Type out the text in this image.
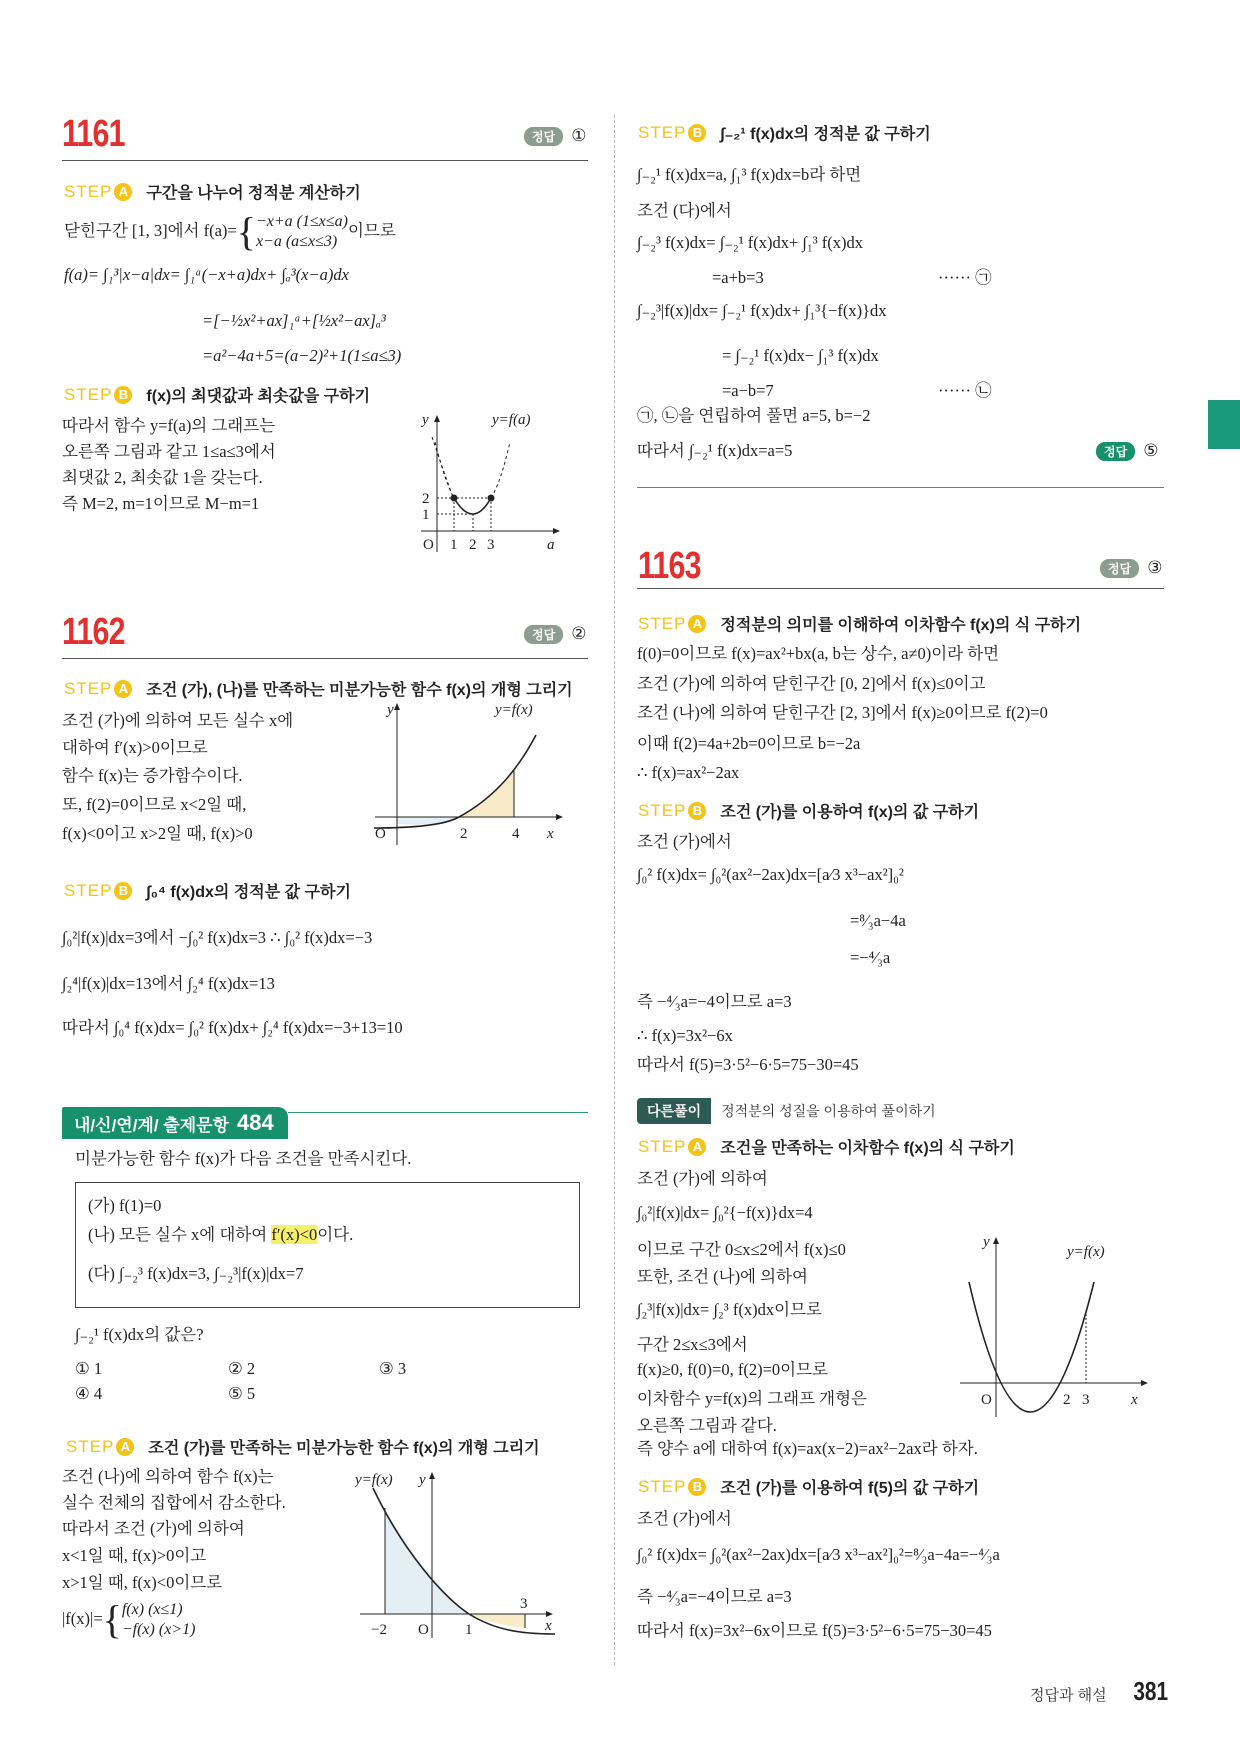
1161	정답 ①
STEP A 구간을 나누어 정적분 계산하기
닫힌구간 [1, 3]에서 f(a)= { −x+a (1≤x≤a)
x−a (a≤x≤3)
이므로
f(a)= ∫₁³|x−a|dx= ∫₁ᵃ(−x+a)dx+ ∫ₐ³(x−a)dx
=[−½x²+ax]₁ᵃ+[½x²−ax]ₐ³
=a²−4a+5=(a−2)²+1(1≤a≤3)
STEP B f(x)의 최댓값과 최솟값을 구하기
따라서 함수 y=f(a)의 그래프는
오른쪽 그림과 같고 1≤a≤3에서
최댓값 2, 최솟값 1을 갖는다.
즉 M=2, m=1이므로 M−m=1
y	y=f(a)
2
1
O 1 2 3	a
1162	정답 ②
STEP A 조건 (가), (나)를 만족하는 미분가능한 함수 f(x)의 개형 그리기
조건 (가)에 의하여 모든 실수 x에
대하여 f′(x)>0이므로
함수 f(x)는 증가함수이다.
또, f(2)=0이므로 x<2일 때,
f(x)<0이고 x>2일 때, f(x)>0
y	y=f(x)
O	2	4 x
STEP B ∫₀⁴ f(x)dx의 정적분 값 구하기
∫₀²|f(x)|dx=3에서 −∫₀² f(x)dx=3 ∴ ∫₀² f(x)dx=−3
∫₂⁴|f(x)|dx=13에서 ∫₂⁴ f(x)dx=13
따라서 ∫₀⁴ f(x)dx= ∫₀² f(x)dx+ ∫₂⁴ f(x)dx=−3+13=10
내/신/연/계/ 출제문항 484
미분가능한 함수 f(x)가 다음 조건을 만족시킨다.
(가) f(1)=0
(나) 모든 실수 x에 대하여 f′(x)<0이다.
(다) ∫₋₂³ f(x)dx=3, ∫₋₂³|f(x)|dx=7
∫₋₂¹ f(x)dx의 값은?
① 1	② 2	③ 3
④ 4	⑤ 5
STEP A 조건 (가)를 만족하는 미분가능한 함수 f(x)의 개형 그리기
조건 (나)에 의하여 함수 f(x)는
실수 전체의 집합에서 감소한다.
따라서 조건 (가)에 의하여
x<1일 때, f(x)>0이고
x>1일 때, f(x)<0이므로
|f(x)|= { f(x) (x≤1)
−f(x) (x>1)
y=f(x) y
3
−2 O 1	x
STEP B ∫₋₂¹ f(x)dx의 정적분 값 구하기
∫₋₂¹ f(x)dx=a, ∫₁³ f(x)dx=b라 하면
조건 (다)에서
∫₋₂³ f(x)dx= ∫₋₂¹ f(x)dx+ ∫₁³ f(x)dx
=a+b=3	······ ㉠
∫₋₂³|f(x)|dx= ∫₋₂¹ f(x)dx+ ∫₁³{−f(x)}dx
= ∫₋₂¹ f(x)dx− ∫₁³ f(x)dx
=a−b=7	······ ㉡
㉠, ㉡을 연립하여 풀면 a=5, b=−2
따라서 ∫₋₂¹ f(x)dx=a=5	정답 ⑤
1163	정답 ③
STEP A 정적분의 의미를 이해하여 이차함수 f(x)의 식 구하기
f(0)=0이므로 f(x)=ax²+bx(a, b는 상수, a≠0)이라 하면
조건 (가)에 의하여 닫힌구간 [0, 2]에서 f(x)≤0이고
조건 (나)에 의하여 닫힌구간 [2, 3]에서 f(x)≥0이므로 f(2)=0
이때 f(2)=4a+2b=0이므로 b=−2a
∴ f(x)=ax²−2ax
STEP B 조건 (가)를 이용하여 f(x)의 값 구하기
조건 (가)에서
∫₀² f(x)dx= ∫₀²(ax²−2ax)dx=[a⁄3 x³−ax²]₀²
=⁸⁄₃a−4a
=−⁴⁄₃a
즉 −⁴⁄₃a=−4이므로 a=3
∴ f(x)=3x²−6x
따라서 f(5)=3·5²−6·5=75−30=45
다른풀이	정적분의 성질을 이용하여 풀이하기
STEP A 조건을 만족하는 이차함수 f(x)의 식 구하기
조건 (가)에 의하여
∫₀²|f(x)|dx= ∫₀²{−f(x)}dx=4
이므로 구간 0≤x≤2에서 f(x)≤0
또한, 조건 (나)에 의하여
∫₂³|f(x)|dx= ∫₂³ f(x)dx이므로
구간 2≤x≤3에서
f(x)≥0, f(0)=0, f(2)=0이므로
이차함수 y=f(x)의 그래프 개형은
오른쪽 그림과 같다.
즉 양수 a에 대하여 f(x)=ax(x−2)=ax²−2ax라 하자.
y
y=f(x)
O	2 3	x
STEP B 조건 (가)를 이용하여 f(5)의 값 구하기
조건 (가)에서
∫₀² f(x)dx= ∫₀²(ax²−2ax)dx=[a⁄3 x³−ax²]₀²=⁸⁄₃a−4a=−⁴⁄₃a
즉 −⁴⁄₃a=−4이므로 a=3
따라서 f(x)=3x²−6x이므로 f(5)=3·5²−6·5=75−30=45
정답과 해설 381
